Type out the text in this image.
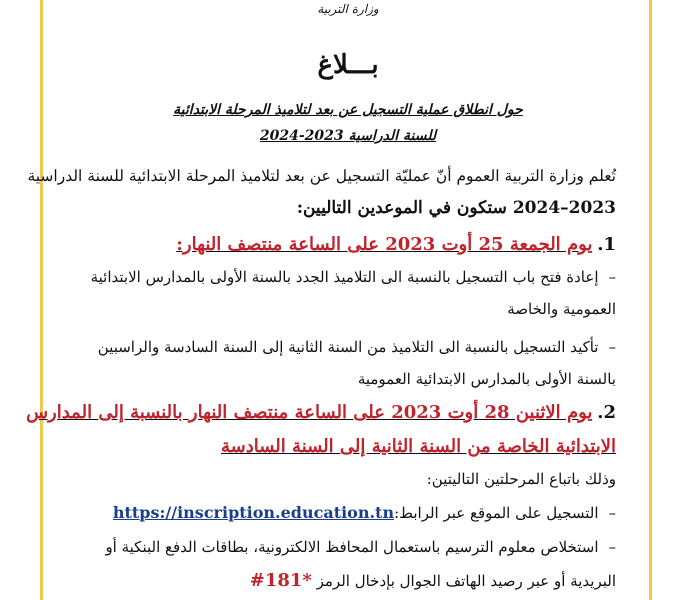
وزارة التربية
بـــلاغ
حول انطلاق عملية التسجيل عن بعد لتلاميذ المرحلة الابتدائية
للسنة الدراسية 2023-2024
تُعلم وزارة التربية العموم أنّ عمليّة التسجيل عن بعد لتلاميذ المرحلة الابتدائية للسنة الدراسية
2023–2024 ستكون في الموعدين التاليين:
1. يوم الجمعة 25 أوت 2023 على الساعة منتصف النهار:
–إعادة فتح باب التسجيل بالنسبة الى التلاميذ الجدد بالسنة الأولى بالمدارس الابتدائية
العمومية والخاصة
–تأكيد التسجيل بالنسبة الى التلاميذ من السنة الثانية إلى السنة السادسة والراسبين
بالسنة الأولى بالمدارس الابتدائية العمومية
2. يوم الاثنين 28 أوت 2023 على الساعة منتصف النهار بالنسبة إلى المدارس
الابتدائية الخاصة من السنة الثانية إلى السنة السادسة
وذلك باتباع المرحلتين التاليتين:
–التسجيل على الموقع عبر الرابط:https://inscription.education.tn
–استخلاص معلوم الترسيم باستعمال المحافظ الالكترونية، بطاقات الدفع البنكية أو
البريدية أو عبر رصيد الهاتف الجوال بإدخال الرمز #181*
